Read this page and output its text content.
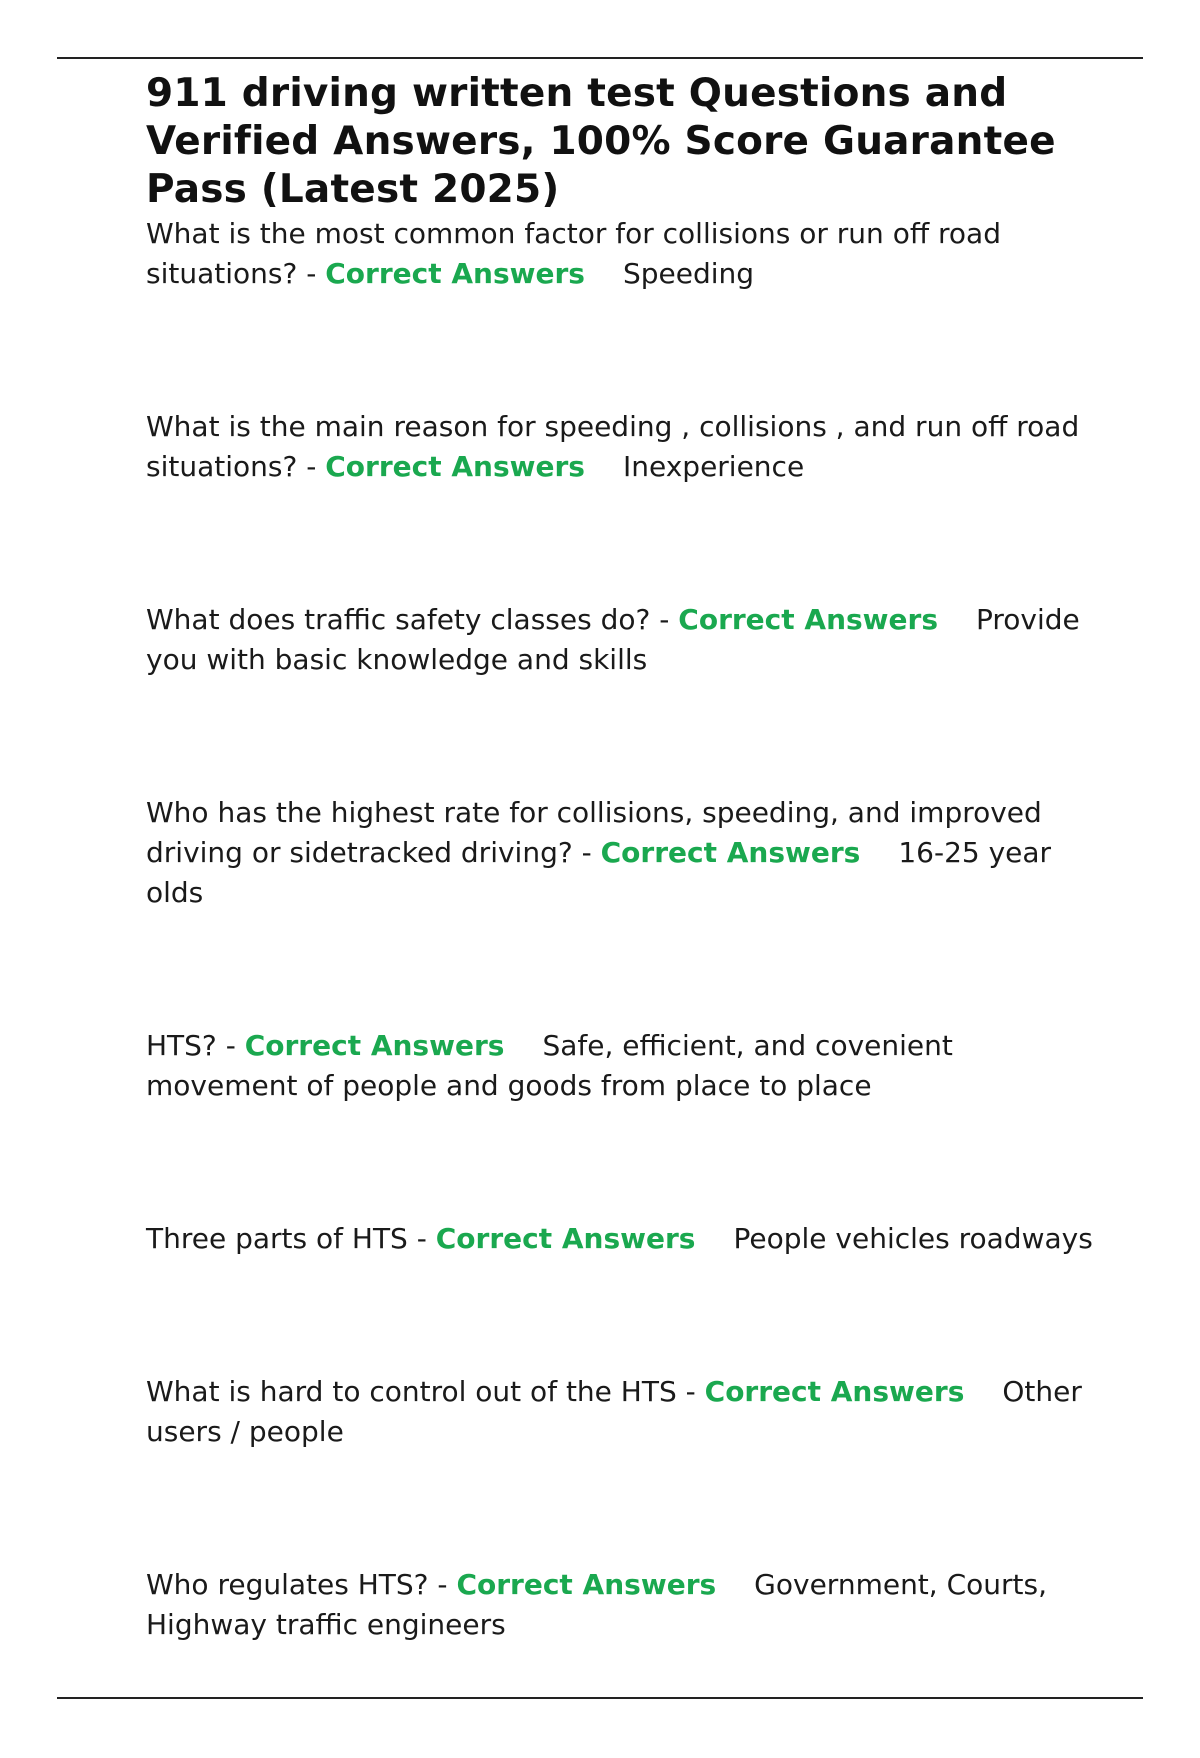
911 driving written test Questions and Verified Answers, 100% Score Guarantee Pass (Latest 2025)

What is the most common factor for collisions or run off road situations? - Correct Answers Speeding

What is the main reason for speeding , collisions , and run off road situations? - Correct Answers Inexperience

What does traffic safety classes do? - Correct Answers Provide you with basic knowledge and skills

Who has the highest rate for collisions, speeding, and improved driving or sidetracked driving? - Correct Answers 16-25 year olds

HTS? - Correct Answers Safe, efficient, and covenient movement of people and goods from place to place

Three parts of HTS - Correct Answers People vehicles roadways

What is hard to control out of the HTS - Correct Answers Other users / people

Who regulates HTS? - Correct Answers Government, Courts, Highway traffic engineers
